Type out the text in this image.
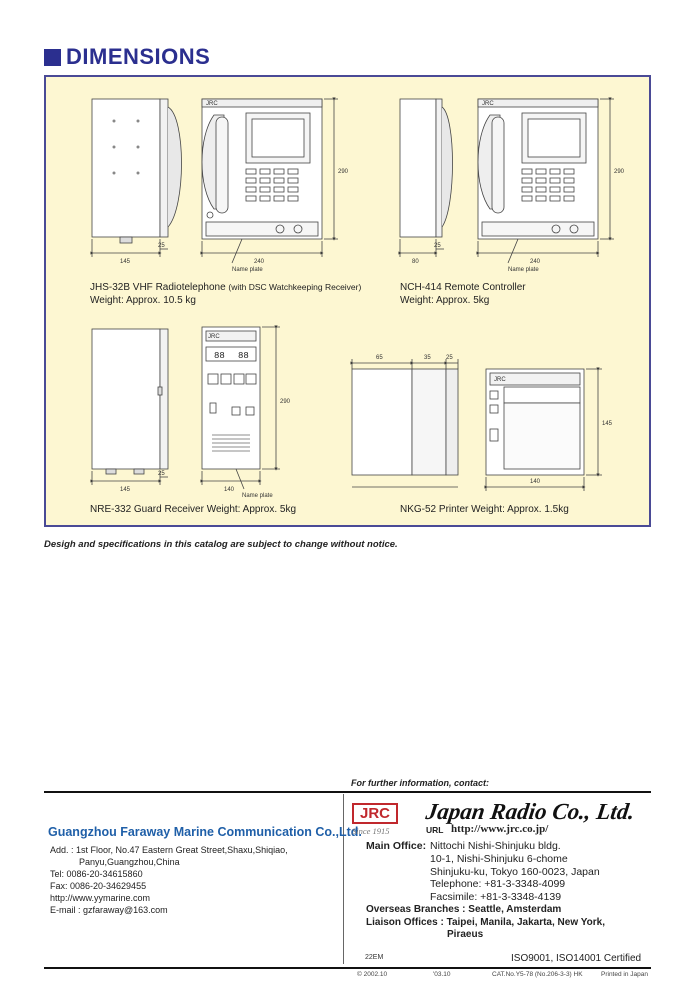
DIMENSIONS
145
25
240
290
Name plate
JRC
80
25
240
290
Name plate
JRC
145
25
140
290
Name plate
JRC
88 88	65	35	25
140
145
JRC
JHS-32B VHF Radiotelephone (with DSC Watchkeeping Receiver)
Weight: Approx. 10.5 kg
NCH-414 Remote Controller
Weight: Approx. 5kg
NRE-332 Guard Receiver Weight: Approx. 5kg	NKG-52 Printer Weight: Approx. 1.5kg
Desigh and specifications in this catalog are subject to change without notice.
For further information, contact:
Guangzhou Faraway Marine Communication Co.,Ltd.
Add. : 1st Floor, No.47 Eastern Great Street,Shaxu,Shiqiao,
Panyu,Guangzhou,China
Tel: 0086-20-34615860
Fax: 0086-20-34629455
http://www.yymarine.com
E-mail : gzfaraway@163.com
JRC
Since 1915
Japan Radio Co., Ltd.
URL http://www.jrc.co.jp/
Main Office: Nittochi Nishi-Shinjuku bldg.
10-1, Nishi-Shinjuku 6-chome
Shinjuku-ku, Tokyo 160-0023, Japan
Telephone: +81-3-3348-4099
Facsimile: +81-3-3348-4139
Overseas Branches : Seattle, Amsterdam
Liaison Offices : Taipei, Manila, Jakarta, New York,
Piraeus
22EM	ISO9001, ISO14001 Certified
© 2002.10	'03.10	CAT.No.Y5-78 (No.206-3-3) HK	Printed in Japan
